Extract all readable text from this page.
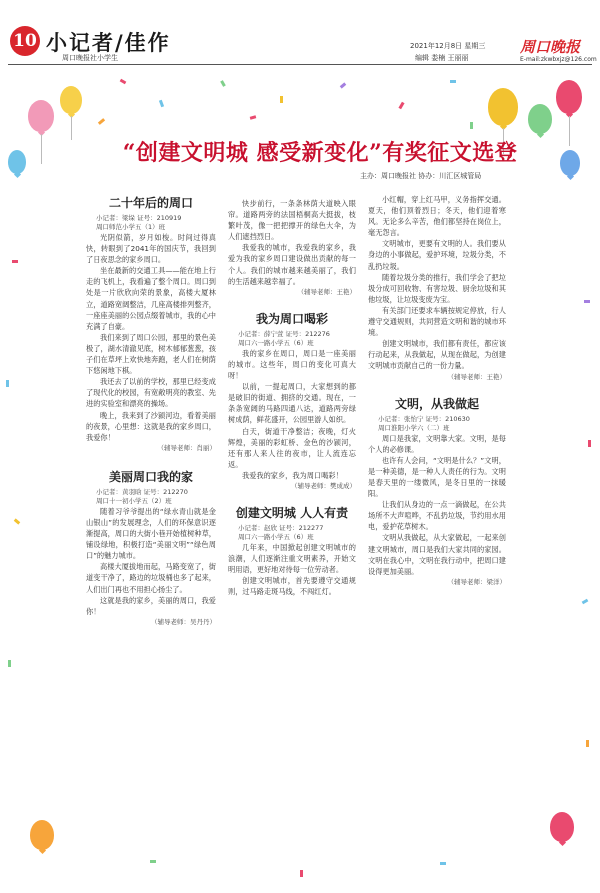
10 小记者/佳作
周口晚报社小学生
2021年12月8日 星期三
编辑 娄楠 王丽丽
周口晚报
E-mail:zkwbxjz@126.com
“创建文明城 感受新变化”有奖征文选登
主办：周口晚报社 协办：川汇区城管局
二十年后的周口
小记者：梁垛 证号：210919
周口师范小学五（1）班

光阴似箭，岁月如梭。时间过得真快，转眼到了2041年的国庆节，我回到了日夜思念的家乡周口。

坐在最新的交通工具——能在地上行走的飞机上，我看遍了整个周口。周口到处是一片欣欣向荣的景象，高楼大厦林立，道路宽阔整洁，几座高楼排列整齐，一座座美丽的公园点缀着城市，我的心中充满了自豪。

我们来到了周口公园，那里的景色美极了，湖水清澈见底，树木郁郁葱葱，孩子们在草坪上欢快地奔跑，老人们在树荫下悠闲地下棋。

我还去了以前的学校，那里已经变成了现代化的校园，有宽敞明亮的教室、先进的实验室和漂亮的操场。

晚上，我来到了沙颍河边，看着美丽的夜景，心里想：这就是我的家乡周口，我爱你！

（辅导老师：肖丽）

美丽周口我的家
小记者：黄羽晗 证号：212270
周口十一初小学五（2）班

随着习爷爷提出的“绿水青山就是金山银山”的发展理念，人们的环保意识逐渐提高，周口的大街小巷开始植树种草，铺设绿地，积极打造“美丽文明”“绿色周口”的魅力城市。

高楼大厦拔地而起，马路变宽了，街道变干净了，路边的垃圾桶也多了起来，人们出门再也不用担心扬尘了。

这就是我的家乡，美丽的周口，我爱你！

（辅导老师：吴丹丹）

快步前行，一条条林荫大道映入眼帘。道路两旁的法国梧桐高大挺拔，枝繁叶茂，像一把把撑开的绿色大伞，为人们遮挡烈日。

我爱我的城市，我爱我的家乡，我爱为我的家乡周口建设做出贡献的每一个人。我们的城市越来越美丽了，我们的生活越来越幸福了。

（辅导老师：王艳）

我为周口喝彩
小记者：薛宁萱 证号：212276
周口六一路小学五（6）班

我的家乡在周口，周口是一座美丽的城市。这些年，周口的变化可真大呀！

以前，一提起周口，大家想到的都是破旧的街道、拥挤的交通。现在，一条条宽阔的马路四通八达，道路两旁绿树成荫，鲜花盛开，公园里游人如织。

白天，街道干净整洁；夜晚，灯火辉煌，美丽的彩虹桥、金色的沙颍河，还有那人来人往的夜市，让人流连忘返。

我爱我的家乡，我为周口喝彩！

（辅导老师：樊成成）

创建文明城 人人有责
小记者：赵欣 证号：212277
周口六一路小学五（6）班

几年来，中国掀起创建文明城市的浪潮，人们逐渐注重文明素养，开始文明用语，更好地对待每一位劳动者。

创建文明城市，首先要遵守交通规则，过马路走斑马线，不闯红灯。

小红帽，穿上红马甲，义务指挥交通。夏天，他们顶着烈日；冬天，他们迎着寒风。无论多么辛苦，他们都坚持在岗位上，毫无怨言。

文明城市，更要有文明的人。我们要从身边的小事做起，爱护环境，垃圾分类，不乱扔垃圾。

随着垃圾分类的推行，我们学会了把垃圾分成可回收物、有害垃圾、厨余垃圾和其他垃圾，让垃圾变废为宝。

有关部门还要求车辆按规定停放，行人遵守交通规则，共同营造文明和谐的城市环境。

创建文明城市，我们都有责任，都应该行动起来，从我做起，从现在做起，为创建文明城市贡献自己的一份力量。

（辅导老师：王艳）

文明，从我做起
小记者：张怡宁 证号：210630
周口淮阳小学六（二）班

周口是我家，文明靠大家。文明，是每个人的必修课。

也许有人会问，“文明是什么？”文明，是一种美德，是一种人人责任的行为。文明是春天里的一缕微风，是冬日里的一抹暖阳。

让我们从身边的一点一滴做起，在公共场所不大声喧哗，不乱扔垃圾，节约用水用电，爱护花草树木。

文明从我做起，从大家做起，一起来创建文明城市，周口是我们大家共同的家园。文明在我心中，文明在我行动中，把周口建设得更加美丽。

（辅导老师：梁洋）
